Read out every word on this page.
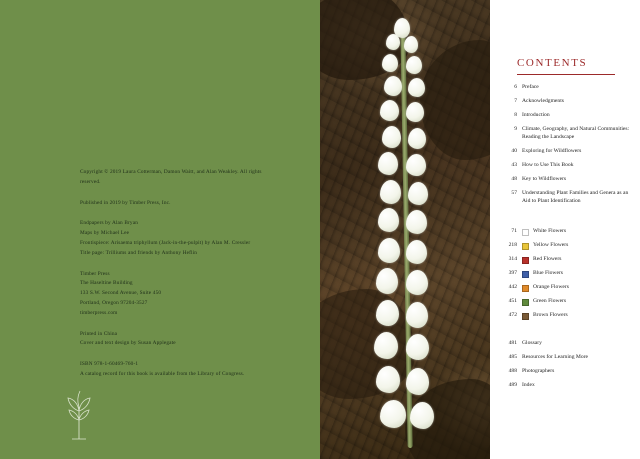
Copyright © 2019 Laura Cotterman, Damon Waitt, and Alan Weakley. All rights reserved.

Published in 2019 by Timber Press, Inc.

Endpapers by Alan Bryan
Maps by Michael Lee
Frontispiece: Arisaema triphyllum (Jack-in-the-pulpit) by Alan M. Cressler
Title page: Trilliums and friends by Anthony Heflin

Timber Press
The Haseltine Building
133 S.W. Second Avenue, Suite 450
Portland, Oregon 97204-3527
timberpress.com

Printed in China
Cover and text design by Susan Applegate

ISBN 978-1-60469-760-1
A catalog record for this book is available from the Library of Congress.

CONTENTS
6 Preface
7 Acknowledgments
8 Introduction
9 Climate, Geography, and Natural Communities: Reading the Landscape
40 Exploring for Wildflowers
43 How to Use This Book
48 Key to Wildflowers
57 Understanding Plant Families and Genera as an Aid to Plant Identification
71	White Flowers
218	Yellow Flowers
314	Red Flowers
397	Blue Flowers
442	Orange Flowers
451	Green Flowers
472	Brown Flowers
481 Glossary
485 Resources for Learning More
488 Photographers
489 Index
